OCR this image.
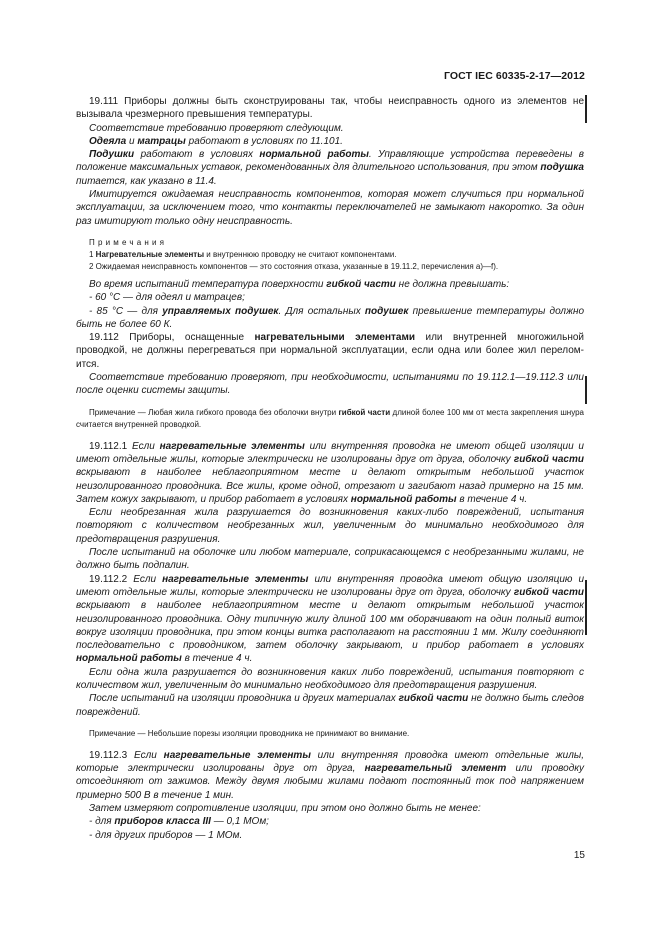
ГОСТ IEC 60335-2-17—2012

19.111 Приборы должны быть сконструированы так, чтобы неисправность одного из элементов не вызывала чрезмерного превышения температуры.

Соответствие требованию проверяют следующим.

Одеяла и матрацы работают в условиях по 11.101.

Подушки работают в условиях нормальной работы. Управляющие устройства переведены в положение максимальных уставок, рекомендованных для длительного использования, при этом подушка питается, как указано в 11.4.

Имитируется ожидаемая неисправность компонентов, которая может случиться при нормальной эксплуатации, за исключением того, что контакты переключателей не замыкают накоротко. За один раз имитируют только одну неисправность.

Примечания

1 Нагревательные элементы и внутреннюю проводку не считают компонентами.

2 Ожидаемая неисправность компонентов — это состояния отказа, указанные в 19.11.2, перечисления a)—f).

Во время испытаний температура поверхности гибкой части не должна превышать:

- 60 °С — для одеял и матрацев;

- 85 °С — для управляемых подушек. Для остальных подушек превышение температуры должно быть не более 60 К.

19.112 Приборы, оснащенные нагревательными элементами или внутренней многожильной проводкой, не должны перегреваться при нормальной эксплуатации, если одна или более жил перелом-ится.

Соответствие требованию проверяют, при необходимости, испытаниями по 19.112.1—19.112.3 или после оценки системы защиты.

Примечание — Любая жила гибкого провода без оболочки внутри гибкой части длиной более 100 мм от места закрепления шнура считается внутренней проводкой.

19.112.1 Если нагревательные элементы или внутренняя проводка не имеют общей изоляции и имеют отдельные жилы, которые электрически не изолированы друг от друга, оболочку гибкой части вскрывают в наиболее неблагоприятном месте и делают открытым небольшой участок неизолированного проводника. Все жилы, кроме одной, отрезают и загибают назад примерно на 15 мм. Затем кожух закрывают, и прибор работает в условиях нормальной работы в течение 4 ч.

Если необрезанная жила разрушается до возникновения каких-либо повреждений, испытания повторяют с количеством необрезанных жил, увеличенным до минимально необходимого для предотвращения разрушения.

После испытаний на оболочке или любом материале, соприкасающемся с необрезанными жилами, не должно быть подпалин.

19.112.2 Если нагревательные элементы или внутренняя проводка имеют общую изоляцию и имеют отдельные жилы, которые электрически не изолированы друг от друга, оболочку гибкой части вскрывают в наиболее неблагоприятном месте и делают открытым небольшой участок неизолированного проводника. Одну типичную жилу длиной 100 мм оборачивают на один полный виток вокруг изоляции проводника, при этом концы витка располагают на расстоянии 1 мм. Жилу соединяют последовательно с проводником, затем оболочку закрывают, и прибор работает в условиях нормальной работы в течение 4 ч.

Если одна жила разрушается до возникновения каких либо повреждений, испытания повторяют с количеством жил, увеличенным до минимально необходимого для предотвращения разрушения.

После испытаний на изоляции проводника и других материалах гибкой части не должно быть следов повреждений.

Примечание — Небольшие порезы изоляции проводника не принимают во внимание.

19.112.3 Если нагревательные элементы или внутренняя проводка имеют отдельные жилы, которые электрически изолированы друг от друга, нагревательный элемент или проводку отсоединяют от зажимов. Между двумя любыми жилами подают постоянный ток под напряжением примерно 500 В в течение 1 мин.

Затем измеряют сопротивление изоляции, при этом оно должно быть не менее:

- для приборов класса III — 0,1 МОм;

- для других приборов — 1 МОм.

15
